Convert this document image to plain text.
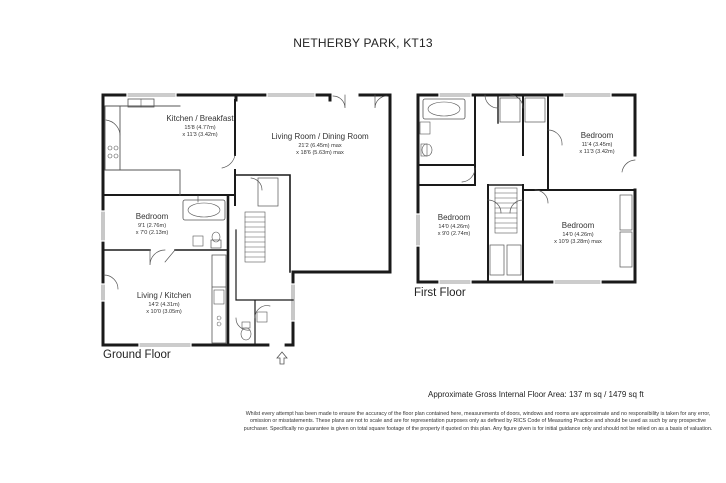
NETHERBY PARK, KT13
Kitchen / Breakfast
15'8 (4.77m)
x 11'3 (3.42m)	Living Room / Dining Room
21'2 (6.45m) max
x 18'6 (5.63m) max
Bedroom
9'1 (2.76m)
x 7'0 (2.13m)
Living / Kitchen
14'2 (4.31m)
x 10'0 (3.05m)
Bedroom
11'4 (3.45m)
x 11'3 (3.42m)
Bedroom
14'0 (4.26m)
x 9'0 (2.74m)
Bedroom
14'0 (4.26m)
x 10'9 (3.28m) max
Ground Floor
First Floor
Approximate Gross Internal Floor Area: 137 m sq / 1479 sq ft
Whilst every attempt has been made to ensure the accuracy of the floor plan contained here, measurements of doors, windows and rooms are approximate and no responsibility is taken for any error, omission or misstatements. These plans are not to scale and are for representation purposes only as defined by RICS Code of Measuring Practice and should be used as such by any prospective purchaser. Specifically no guarantee is given on total square footage of the property if quoted on this plan. Any figure given is for initial guidance only and should not be relied on as a basis of valuation.
